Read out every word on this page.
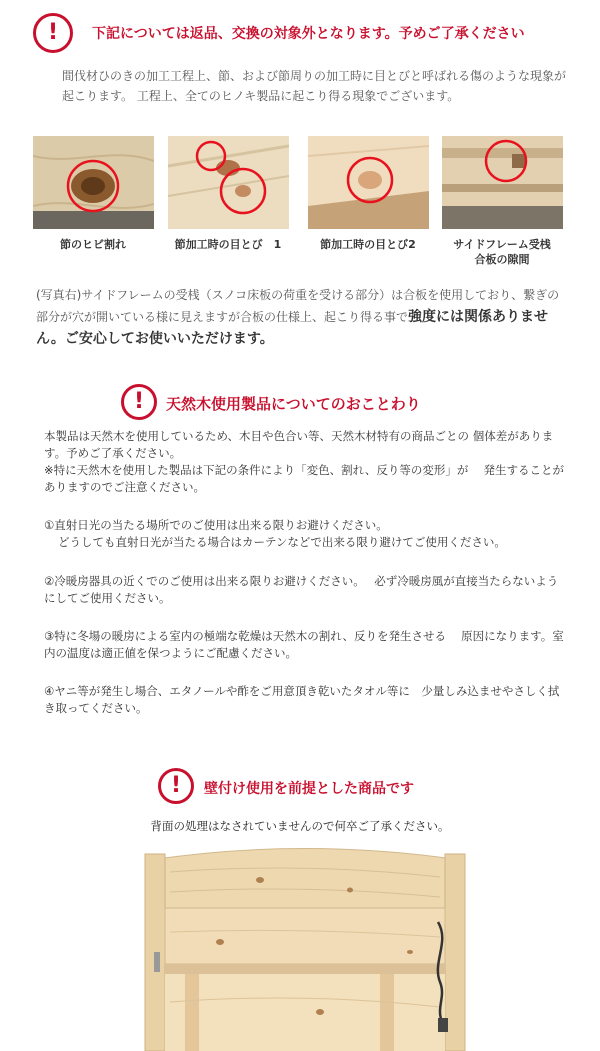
!	下記については返品、交換の対象外となります。予めご了承ください

間伐材ひのきの加工工程上、節、および節周りの加工時に目とびと呼ばれる傷のような現象が起こります。 工程上、全てのヒノキ製品に起こり得る現象でございます。

節のヒビ割れ	節加工時の目とび　1	節加工時の目とび2	サイドフレーム受桟
合板の隙間

(写真右)サイドフレームの受桟（スノコ床板の荷重を受ける部分）は合板を使用しており、繋ぎの部分が穴が開いている様に見えますが合板の仕様上、起こり得る事で強度には関係ありません。ご安心してお使いいただけます。

!	天然木使用製品についてのおことわり

本製品は天然木を使用しているため、木目や色合い等、天然木材特有の商品ごとの 個体差があります。予めご了承ください。

※特に天然木を使用した製品は下記の条件により「変色、割れ、反り等の変形」が　 発生することがありますのでご注意ください。

①直射日光の当たる場所でのご使用は出来る限りお避けください。

どうしても直射日光が当たる場合はカーテンなどで出来る限り避けてご使用ください。

②冷暖房器具の近くでのご使用は出来る限りお避けください。　 必ず冷暖房風が直接当たらないようにしてご使用ください。

③特に冬場の暖房による室内の極端な乾燥は天然木の割れ、反りを発生させる　 原因になります。室内の温度は適正値を保つようにご配慮ください。

④ヤニ等が発生し場合、エタノールや酢をご用意頂き乾いたタオル等に　少量しみ込ませやさしく拭き取ってください。

!	壁付け使用を前提とした商品です
背面の処理はなされていませんので何卒ご了承ください。
